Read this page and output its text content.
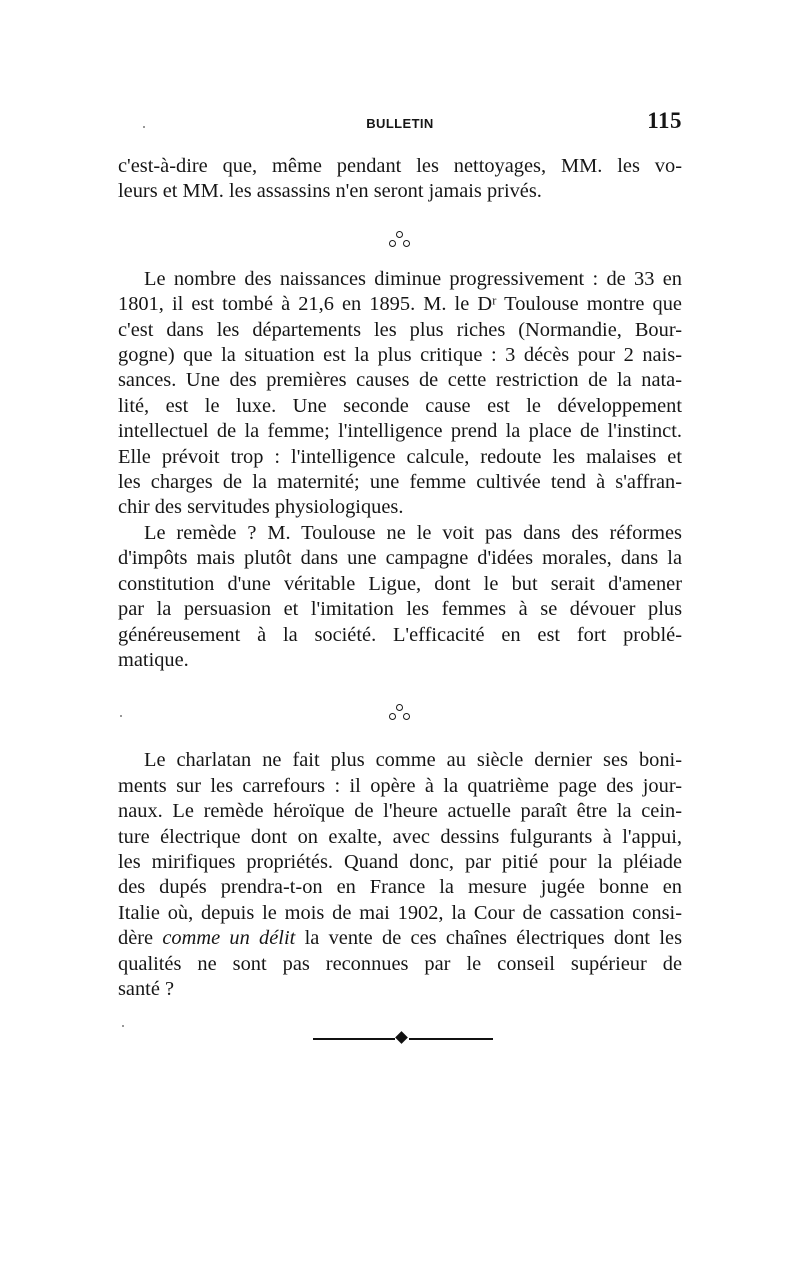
BULLETIN	115

c'est-à-dire que, même pendant les nettoyages, MM. les vo-

leurs et MM. les assassins n'en seront jamais privés.

Le nombre des naissances diminue progressivement : de 33 en

1801, il est tombé à 21,6 en 1895. M. le Dʳ Toulouse montre que

c'est dans les départements les plus riches (Normandie, Bour-

gogne) que la situation est la plus critique : 3 décès pour 2 nais-

sances. Une des premières causes de cette restriction de la nata-

lité, est le luxe. Une seconde cause est le développement

intellectuel de la femme; l'intelligence prend la place de l'instinct.

Elle prévoit trop : l'intelligence calcule, redoute les malaises et

les charges de la maternité; une femme cultivée tend à s'affran-

chir des servitudes physiologiques.

Le remède ? M. Toulouse ne le voit pas dans des réformes

d'impôts mais plutôt dans une campagne d'idées morales, dans la

constitution d'une véritable Ligue, dont le but serait d'amener

par la persuasion et l'imitation les femmes à se dévouer plus

généreusement à la société. L'efficacité en est fort problé-

matique.

Le charlatan ne fait plus comme au siècle dernier ses boni-

ments sur les carrefours : il opère à la quatrième page des jour-

naux. Le remède héroïque de l'heure actuelle paraît être la cein-

ture électrique dont on exalte, avec dessins fulgurants à l'appui,

les mirifiques propriétés. Quand donc, par pitié pour la pléiade

des dupés prendra-t-on en France la mesure jugée bonne en

Italie où, depuis le mois de mai 1902, la Cour de cassation consi-

dère comme un délit la vente de ces chaînes électriques dont les

qualités ne sont pas reconnues par le conseil supérieur de

santé ?
